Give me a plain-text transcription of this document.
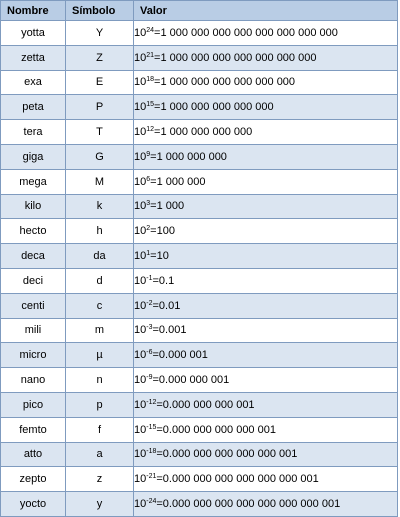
Nombre	Símbolo	Valor
yotta	Y	$10^{24}=1$ 000 000 000 000 000 000 000 000
zetta	Z	$10^{21}=1$ 000 000 000 000 000 000 000
exa	E	$10^{18}=1$ 000 000 000 000 000 000
peta	P	$10^{15}=1$ 000 000 000 000 000
tera	T	$10^{12}=1$ 000 000 000 000
giga	G	$10^9=1$ 000 000 000
mega	M	$10^6=1$ 000 000
kilo	k	$10^3=1$ 000
hecto	h	$10^2=100$
deca	da	$10^1=10$
deci	d	$10^{-1}=0.1$
centi	c	$10^{-2}=0.01$
mili	m	$10^{-3}=0.001$
micro	µ	$10^{-6}=0.000$ 001
nano	n	$10^{-9}=0.000$ 000 001
pico	p	$10^{-12}=0.000$ 000 000 001
femto	f	$10^{-15}=0.000$ 000 000 000 001
atto	a	$10^{-18}=0.000$ 000 000 000 000 001
zepto	z	$10^{-21}=0.000$ 000 000 000 000 000 001
yocto	y	$10^{-24}=0.000$ 000 000 000 000 000 000 001
